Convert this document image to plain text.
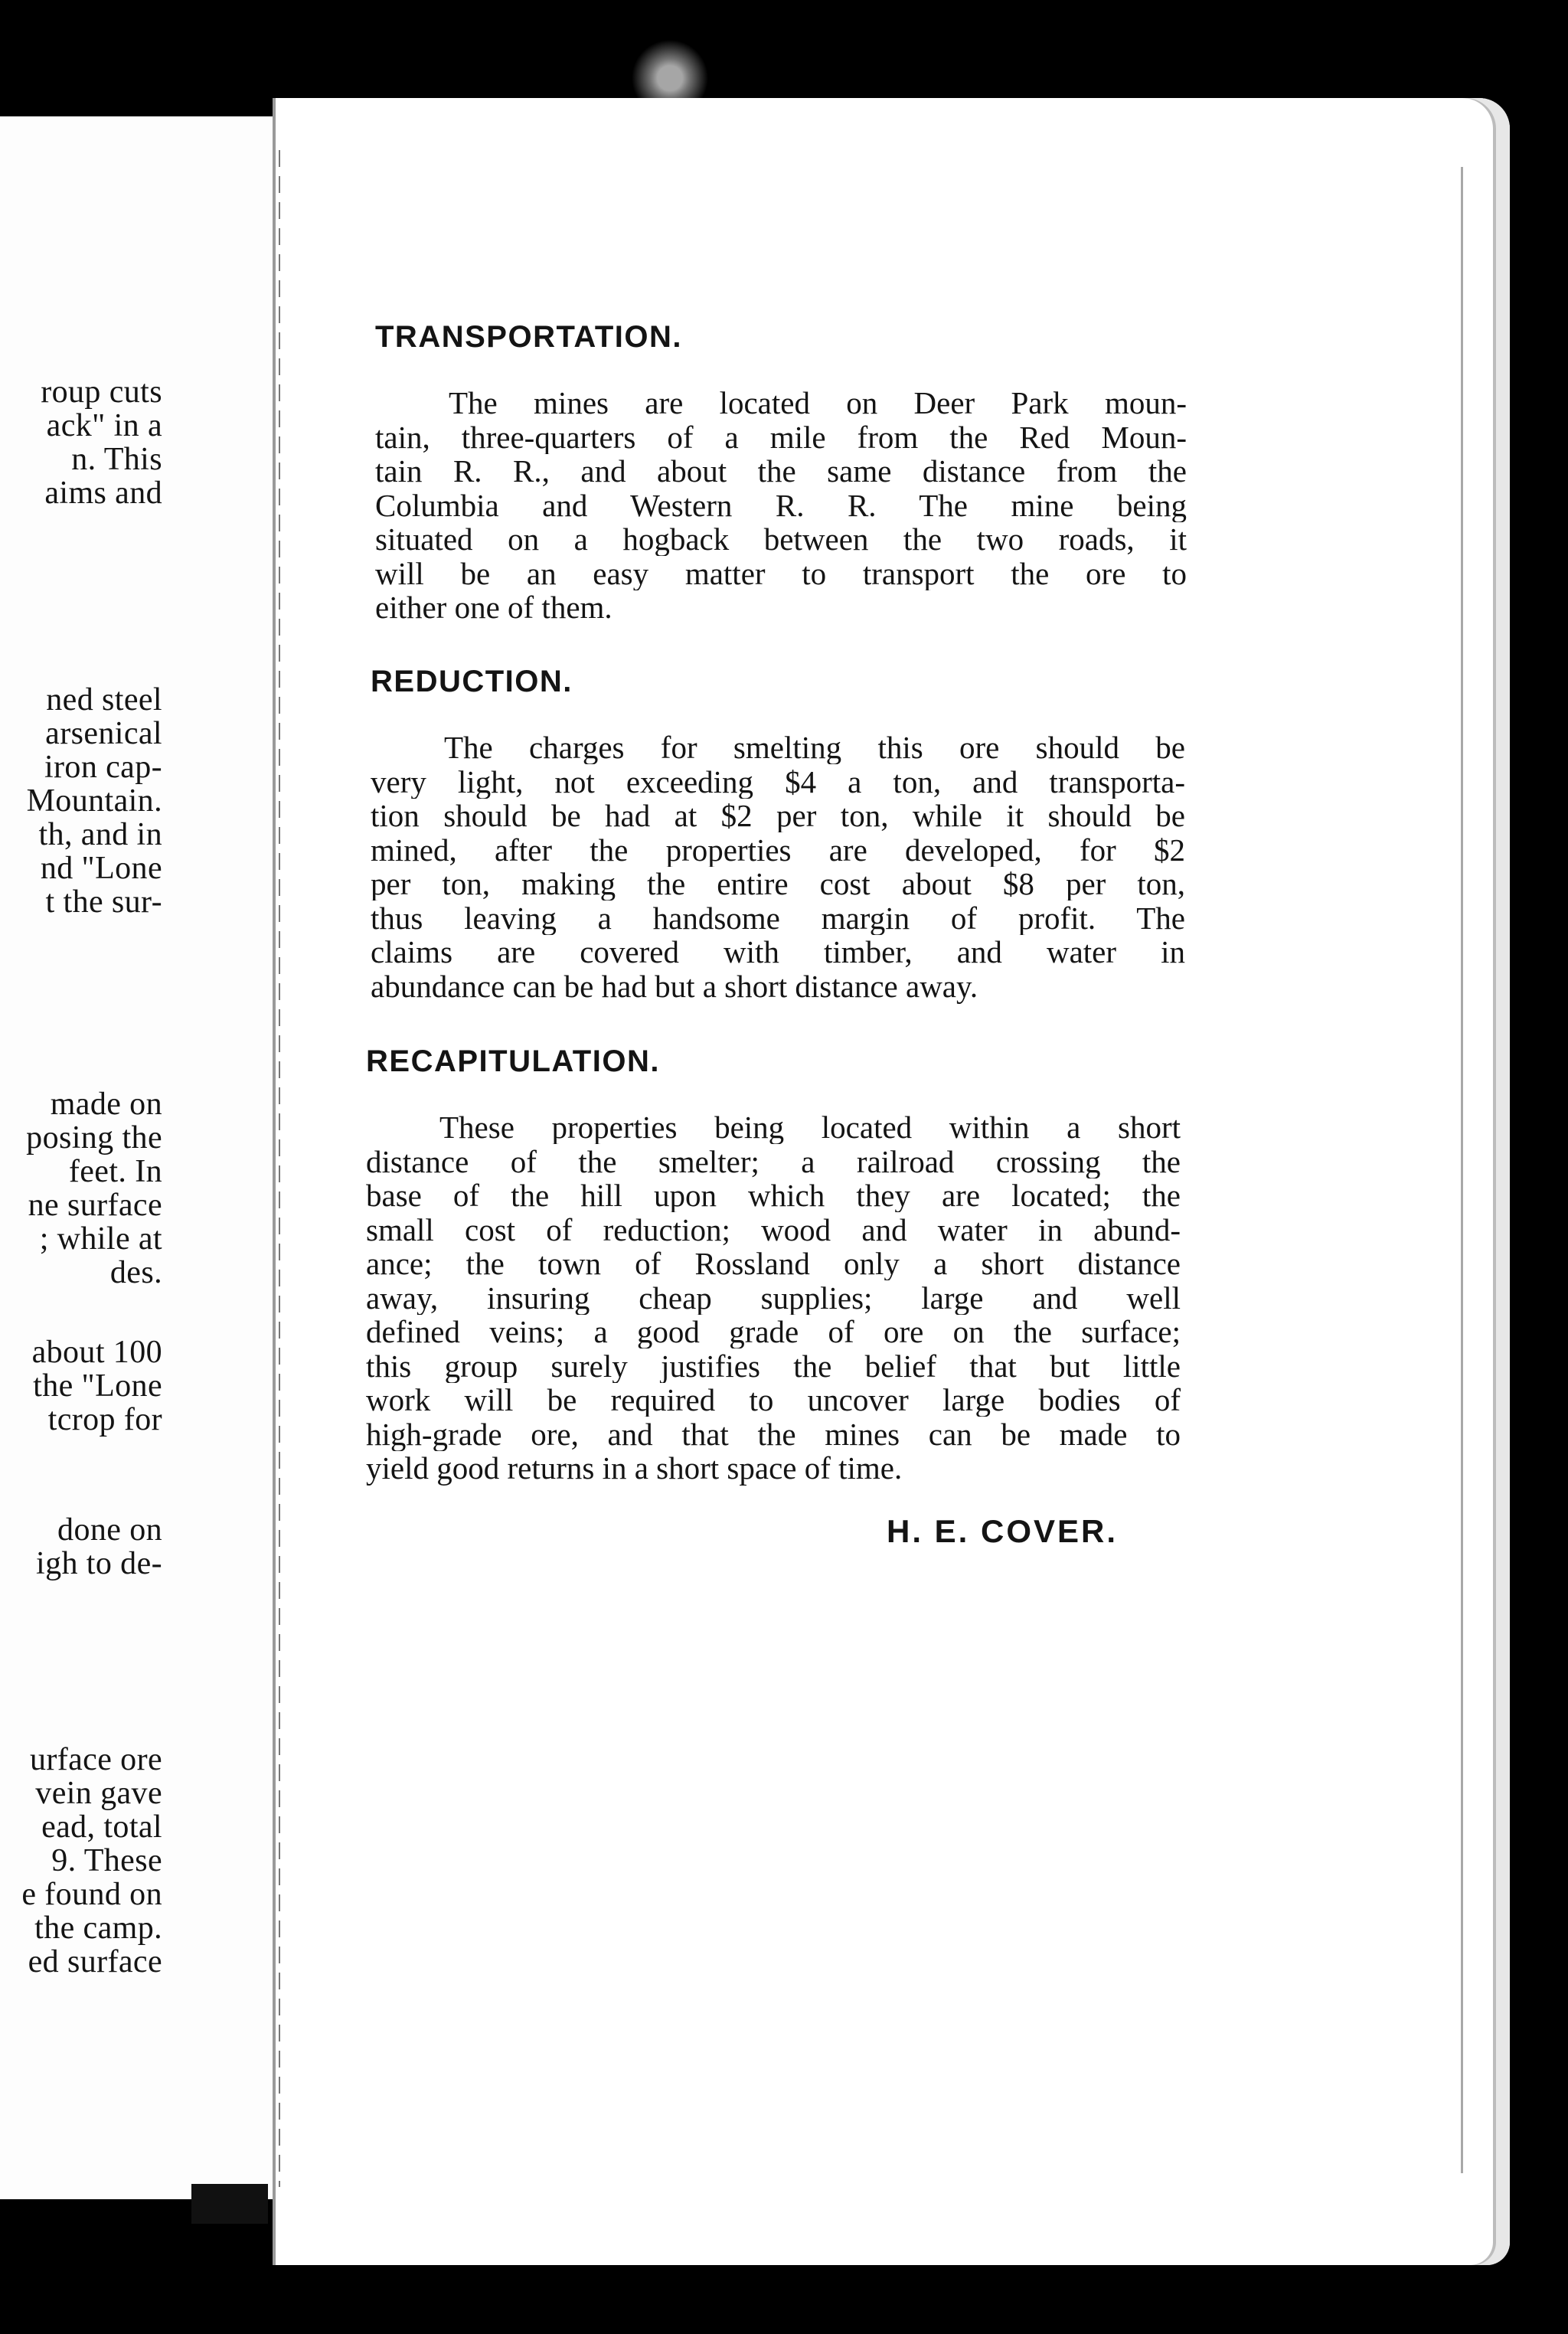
roup cuts
ack" in a
n. This
aims and
ned steel
arsenical
iron cap-
Mountain.
th, and in
nd "Lone
t the sur-
made on
posing the
feet. In
ne surface
; while at
des.
about 100
the "Lone
tcrop for
done on
igh to de-
urface ore
vein gave
ead, total
9. These
e found on
the camp.
ed surface
TRANSPORTATION.
The mines are located on Deer Park moun-
tain, three-quarters of a mile from the Red Moun-
tain R. R., and about the same distance from the
Columbia and Western R. R. The mine being
situated on a hogback between the two roads, it
will be an easy matter to transport the ore to
either one of them.
REDUCTION.
The charges for smelting this ore should be
very light, not exceeding $4 a ton, and transporta-
tion should be had at $2 per ton, while it should be
mined, after the properties are developed, for $2
per ton, making the entire cost about $8 per ton,
thus leaving a handsome margin of profit. The
claims are covered with timber, and water in
abundance can be had but a short distance away.
RECAPITULATION.
These properties being located within a short
distance of the smelter; a railroad crossing the
base of the hill upon which they are located; the
small cost of reduction; wood and water in abund-
ance; the town of Rossland only a short distance
away, insuring cheap supplies; large and well
defined veins; a good grade of ore on the surface;
this group surely justifies the belief that but little
work will be required to uncover large bodies of
high-grade ore, and that the mines can be made to
yield good returns in a short space of time.
H. E. COVER.
